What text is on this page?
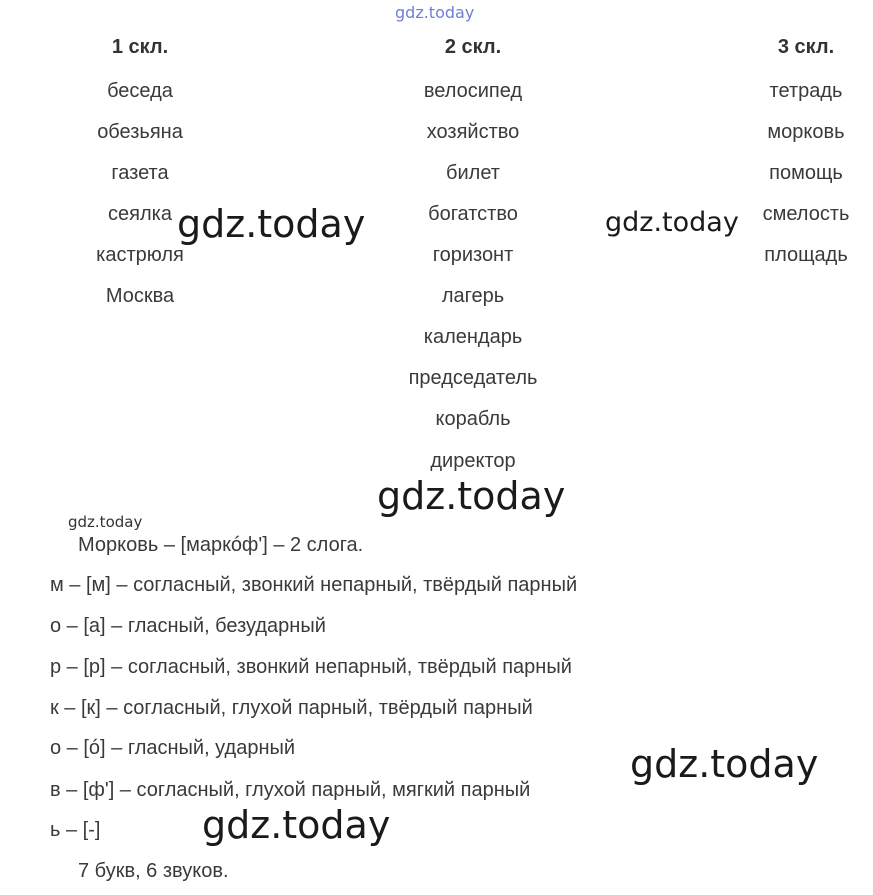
gdz.today
1 скл.
беседа
обезьяна
газета
сеялка
кастрюля
Москва
2 скл.
велосипед
хозяйство
билет
богатство
горизонт
лагерь
календарь
председатель
корабль
директор
3 скл.
тетрадь
морковь
помощь
смелость
площадь
gdz.today	gdz.today
gdz.today
gdz.today
Морковь – [маркóф'] – 2 слога.
м – [м] – согласный, звонкий непарный, твёрдый парный
о – [а] – гласный, безударный
р – [р] – согласный, звонкий непарный, твёрдый парный
к – [к] – согласный, глухой парный, твёрдый парный
о – [ó] – гласный, ударный
в – [ф'] – согласный, глухой парный, мягкий парный
ь – [-]
7 букв, 6 звуков.
gdz.today
gdz.today
